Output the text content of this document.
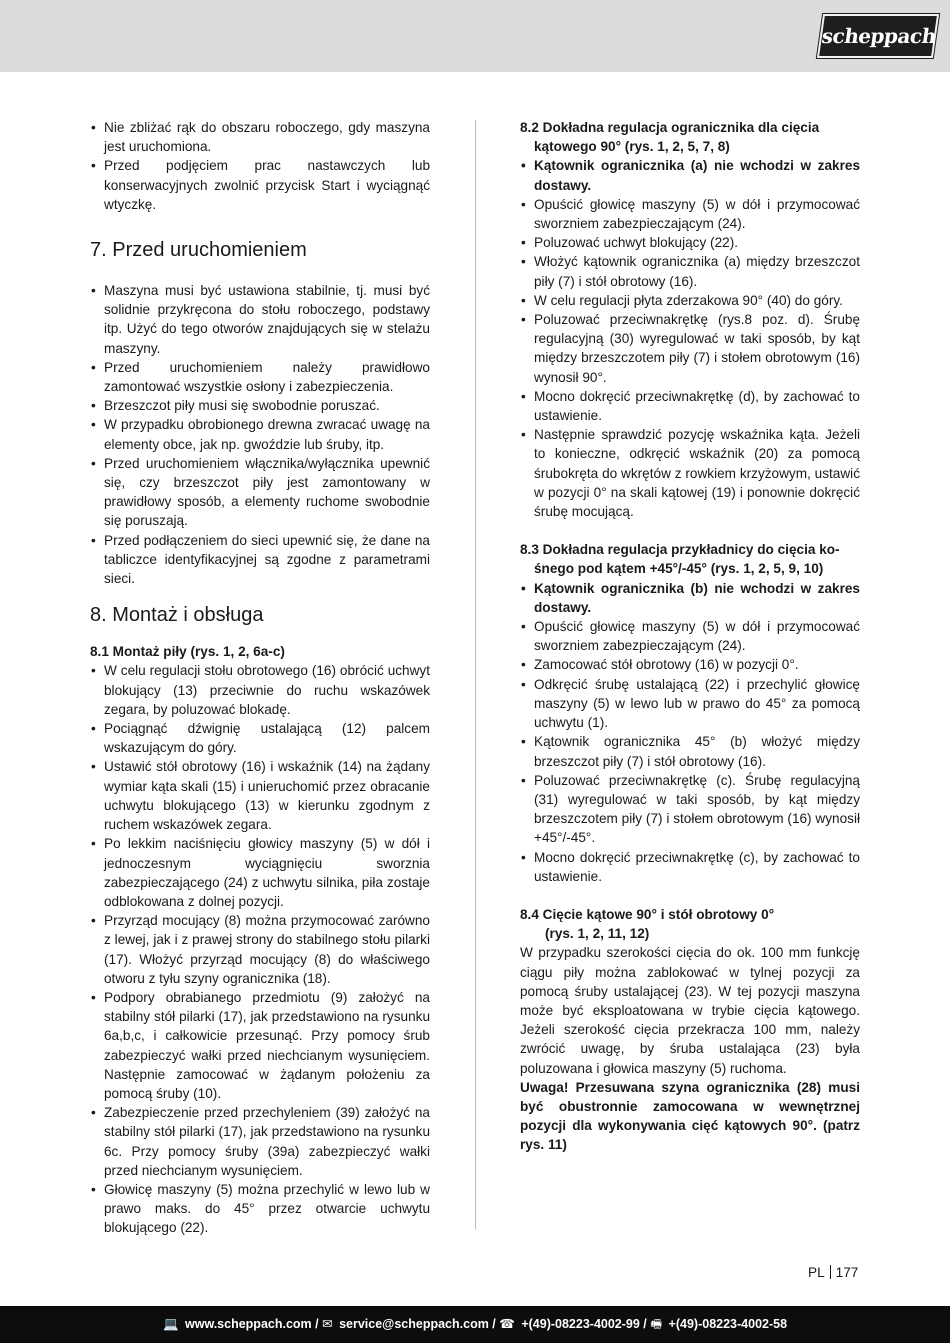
scheppach
• Nie zbliżać rąk do obszaru roboczego, gdy maszyna jest uruchomiona.
• Przed podjęciem prac nastawczych lub konserwacyjnych zwolnić przycisk Start i wyciągnąć wtyczkę.
7. Przed uruchomieniem
• Maszyna musi być ustawiona stabilnie, tj. musi być solidnie przykręcona do stołu roboczego, podstawy itp. Użyć do tego otworów znajdujących się w stelażu maszyny.
• Przed uruchomieniem należy prawidłowo zamontować wszystkie osłony i zabezpieczenia.
• Brzeszczot piły musi się swobodnie poruszać.
• W przypadku obrobionego drewna zwracać uwagę na elementy obce, jak np. gwoździe lub śruby, itp.
• Przed uruchomieniem włącznika/wyłącznika upewnić się, czy brzeszczot piły jest zamontowany w prawidłowy sposób, a elementy ruchome swobodnie się poruszają.
• Przed podłączeniem do sieci upewnić się, że dane na tabliczce identyfikacyjnej są zgodne z parametrami sieci.
8. Montaż i obsługa
8.1 Montaż piły (rys. 1, 2, 6a-c)
• W celu regulacji stołu obrotowego (16) obrócić uchwyt blokujący (13) przeciwnie do ruchu wskazówek zegara, by poluzować blokadę.
• Pociągnąć dźwignię ustalającą (12) palcem wskazującym do góry.
• Ustawić stół obrotowy (16) i wskaźnik (14) na żądany wymiar kąta skali (15) i unieruchomić przez obracanie uchwytu blokującego (13) w kierunku zgodnym z ruchem wskazówek zegara.
• Po lekkim naciśnięciu głowicy maszyny (5) w dół i jednoczesnym wyciągnięciu sworznia zabezpieczającego (24) z uchwytu silnika, piła zostaje odblokowana z dolnej pozycji.
• Przyrząd mocujący (8) można przymocować zarówno z lewej, jak i z prawej strony do stabilnego stołu pilarki (17). Włożyć przyrząd mocujący (8) do właściwego otworu z tyłu szyny ogranicznika (18).
• Podpory obrabianego przedmiotu (9) założyć na stabilny stół pilarki (17), jak przedstawiono na rysunku 6a,b,c, i całkowicie przesunąć. Przy pomocy śrub zabezpieczyć wałki przed niechcianym wysunięciem. Następnie zamocować w żądanym położeniu za pomocą śruby (10).
• Zabezpieczenie przed przechyleniem (39) założyć na stabilny stół pilarki (17), jak przedstawiono na rysunku 6c. Przy pomocy śruby (39a) zabezpieczyć wałki przed niechcianym wysunięciem.
• Głowicę maszyny (5) można przechylić w lewo lub w prawo maks. do 45° przez otwarcie uchwytu blokującego (22).
8.2 Dokładna regulacja ogranicznika dla cięcia
kątowego 90° (rys. 1, 2, 5, 7, 8)
• Kątownik ogranicznika (a) nie wchodzi w zakres dostawy.
• Opuścić głowicę maszyny (5) w dół i przymocować sworzniem zabezpieczającym (24).
• Poluzować uchwyt blokujący (22).
• Włożyć kątownik ogranicznika (a) między brzeszczot piły (7) i stół obrotowy (16).
• W celu regulacji płyta zderzakowa 90° (40) do góry.
• Poluzować przeciwnakrętkę (rys.8 poz. d). Śrubę regulacyjną (30) wyregulować w taki sposób, by kąt między brzeszczotem piły (7) i stołem obrotowym (16) wynosił 90°.
• Mocno dokręcić przeciwnakrętkę (d), by zachować to ustawienie.
• Następnie sprawdzić pozycję wskaźnika kąta. Jeżeli to konieczne, odkręcić wskaźnik (20) za pomocą śrubokręta do wkrętów z rowkiem krzyżowym, ustawić w pozycji 0° na skali kątowej (19) i ponownie dokręcić śrubę mocującą.
8.3 Dokładna regulacja przykładnicy do cięcia ko-
śnego pod kątem +45°/-45° (rys. 1, 2, 5, 9, 10)
• Kątownik ogranicznika (b) nie wchodzi w zakres dostawy.
• Opuścić głowicę maszyny (5) w dół i przymocować sworzniem zabezpieczającym (24).
• Zamocować stół obrotowy (16) w pozycji 0°.
• Odkręcić śrubę ustalającą (22) i przechylić głowicę maszyny (5) w lewo lub w prawo do 45° za pomocą uchwytu (1).
• Kątownik ogranicznika 45° (b) włożyć między brzeszczot piły (7) i stół obrotowy (16).
• Poluzować przeciwnakrętkę (c). Śrubę regulacyjną (31) wyregulować w taki sposób, by kąt między brzeszczotem piły (7) i stołem obrotowym (16) wynosił +45°/-45°.
• Mocno dokręcić przeciwnakrętkę (c), by zachować to ustawienie.
8.4 Cięcie kątowe 90° i stół obrotowy 0°
(rys. 1, 2, 11, 12)

W przypadku szerokości cięcia do ok. 100 mm funkcję ciągu piły można zablokować w tylnej pozycji za pomocą śruby ustalającej (23). W tej pozycji maszyna może być eksploatowana w trybie cięcia kątowego. Jeżeli szerokość cięcia przekracza 100 mm, należy zwrócić uwagę, by śruba ustalająca (23) była poluzowana i głowica maszyny (5) ruchoma.

Uwaga! Przesuwana szyna ogranicznika (28) musi być obustronnie zamocowana w wewnętrznej pozycji dla wykonywania cięć kątowych 90°. (patrz rys. 11)

PL 177
💻 www.scheppach.com / ✉ service@scheppach.com / ☎ +(49)-08223-4002-99 / 🖷 +(49)-08223-4002-58
